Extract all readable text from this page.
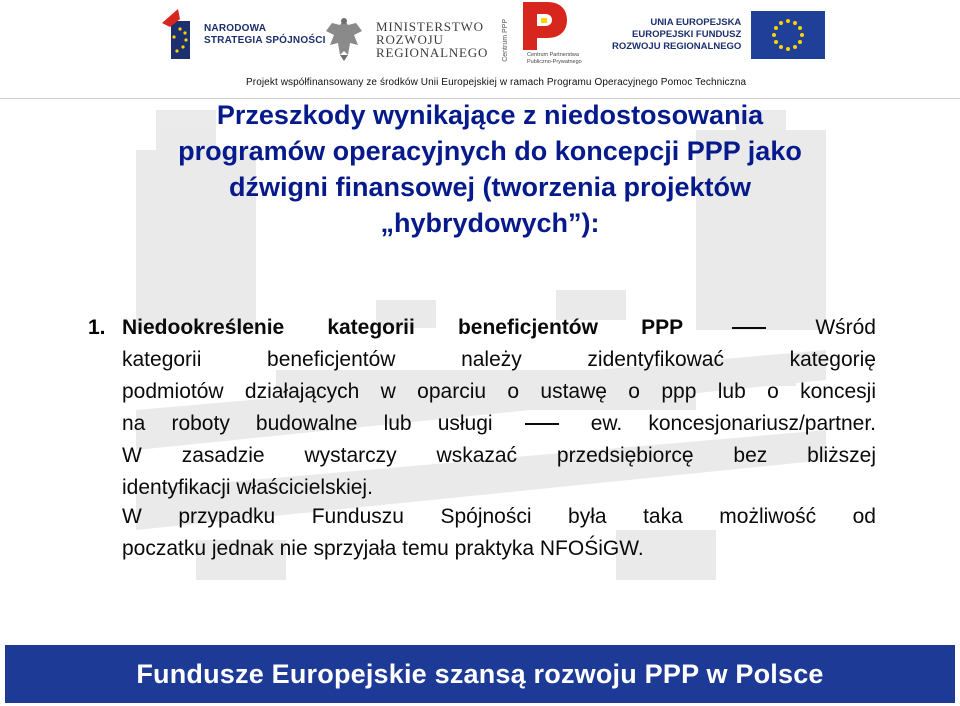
NARODOWA
STRATEGIA SPÓJNOŚCI
MINISTERSTWO
ROZWOJU
REGIONALNEGO Centrum PPP	Centrum Partnerstwa
Publiczno-Prywatnego
UNIA EUROPEJSKA
EUROPEJSKI FUNDUSZ
ROZWOJU REGIONALNEGO
Projekt współfinansowany ze środków Unii Europejskiej w ramach Programu Operacyjnego Pomoc Techniczna
Przeszkody wynikające z niedostosowania
programów operacyjnych do koncepcji PPP jako
dźwigni finansowej (tworzenia projektów
„hybrydowych”):
1. Niedookreślenie kategorii beneficjentów PPP	Wśród
kategorii beneficjentów należy zidentyfikować kategorię
podmiotów działających w oparciu o ustawę o ppp lub o koncesji
na roboty budowalne lub usługi	ew. koncesjonariusz/partner.
W zasadzie wystarczy wskazać przedsiębiorcę bez bliższej
identyfikacji właścicielskiej.
W przypadku Funduszu Spójności była taka możliwość od
poczatku jednak nie sprzyjała temu praktyka NFOŚiGW.
Fundusze Europejskie szansą rozwoju PPP w Polsce
